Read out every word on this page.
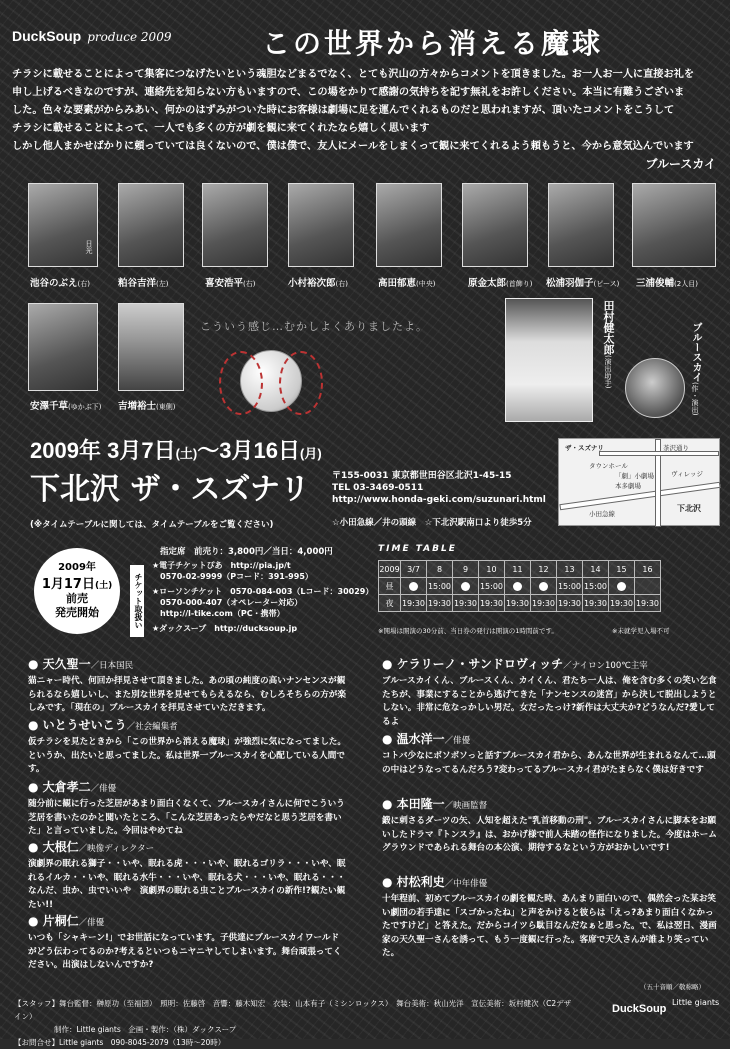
DuckSoup produce 2009	この世界から消える魔球
チラシに載せることによって集客につなげたいという魂胆などまるでなく、とても沢山の方々からコメントを頂きました。お一人お一人に直接お礼を
申し上げるべきなのですが、連絡先を知らない方もいますので、この場をかりて感謝の気持ちを記す無礼をお許しください。本当に有難うございま
した。色々な要素がからみあい、何かのはずみがついた時にお客様は劇場に足を運んでくれるものだと思われますが、頂いたコメントをこうして
チラシに載せることによって、一人でも多くの方が劇を観に来てくれたなら嬉しく思います
しかし他人まかせばかりに頼っていては良くないので、僕は僕で、友人にメールをしまくって観に来てくれるよう頼もうと、今から意気込んでいます
ブルースカイ
日光
池谷のぶえ(右)	粕谷吉洋(左)	喜安浩平(右)	小村裕次郎(右)	高田郁恵(中央)	原金太郎(首飾り) 松浦羽伽子(ピース) 三浦俊輔(2人目)
安澤千草(ゆかぶ下) 吉増裕士(東側)
こういう感じ…むかしよくありましたよ。	田村健太郎(演出助手)	ブルースカイ(作・演出)
2009年 3月7日(土)〜3月16日(月)
下北沢 ザ・スズナリ 〒155-0031 東京都世田谷区北沢1-45-15
TEL 03-3469-0511
http://www.honda-geki.com/suzunari.html
☆小田急線／井の頭線　☆下北沢駅南口より徒歩5分
(※タイムテーブルに関しては、タイムテーブルをご覧ください)
ザ・スズナリ	茶沢通り
タウンホール
「劇」小劇場
本多劇場
小田急線
下北沢
ヴィレッジ
2009年
1月17日(土)
前売
発売開始
指定席　前売り：3,800円／当日：4,000円
チケット取扱い
★電子チケットぴあ　http://pia.jp/t
　0570-02-9999（Pコード：391-995）
★ローソンチケット　0570-084-003（Lコード：30029）
　0570-000-407（オペレーター対応）
　http://l-tike.com（PC・携帯）
★ダックスープ　http://ducksoup.jp
TIME TABLE
2009	3/7	8	9	10	11	12	13	14	15	16
昼		15:00		15:00			15:00	15:00		
夜	19:30	19:30	19:30	19:30	19:30	19:30	19:30	19:30	19:30	19:30
※開場は開演の30分前、当日券の発行は開演の1時間前です。	※未就学児入場不可
● 天久聖一／日本国民
猫ニャー時代、何回か拝見させて頂きました。あの頃の純度の高いナンセンスが観られるなら嬉しいし、また別な世界を見せてもらえるなら、むしろそちらの方が楽しみです。「現在の」ブルースカイを拝見させていただきます。
● いとうせいこう／社会編集者
仮チラシを見たときから「この世界から消える魔球」が強烈に気になってました。というか、出たいと思ってました。私は世界一ブルースカイを心配している人間です。
● 大倉孝二／俳優
随分前に観に行った芝居があまり面白くなくて、ブルースカイさんに何でこういう芝居を書いたのかと聞いたところ、「こんな芝居あったらやだなと思う芝居を書いた」と言っていました。今回はやめてね
● 大根仁／映像ディレクター
演劇界の眠れる獅子・・いや、眠れる虎・・・いや、眠れるゴリラ・・・いや、眠れるイルカ・・いや、眠れる水牛・・・いや、眠れる犬・・・いや、眠れる・・・なんだ、虫か、虫でいいや　演劇界の眠れる虫ことブルースカイの新作!?観たい観たい!!
● 片桐仁／俳優
いつも「シャキーン!」でお世話になっています。子供達にブルースカイワールドがどう伝わってるのか?考えるといつもニヤニヤしてしまいます。舞台頑張ってください。出演はしないんですか?
● ケラリーノ・サンドロヴィッチ／ナイロン100℃主宰
ブルースカイくん、ブルースくん、カイくん、君たち一人は、俺を含む多くの笑い乞食たちが、事業にすることから逃げてきた「ナンセンスの迷宮」から決して脱出しようとしない。非常に危なっかしい男だ。女だったっけ?新作は大丈夫か?どうなんだ?愛してるよ
● 温水洋一／俳優
コトバ少なにボソボソっと話すブルースカイ君から、あんな世界が生まれるなんて…頭の中はどうなってるんだろう?変わってるブルースカイ君がたまらなく僕は好きです
● 本田隆一／映画監督
鍛に刺さるダーツの矢、人知を超えた"乳首移動の刑"。ブルースカイさんに脚本をお願いしたドラマ『トンスラ』は、おかげ様で前人未踏の怪作になりました。今度はホームグラウンドであられる舞台の本公演、期待するなという方がおかしいです!
● 村松利史／中年俳優
十年程前、初めてブルースカイの劇を観た時、あんまり面白いので、偶然会った某お笑い劇団の若手達に「スゴかったね」と声をかけると彼らは「えっ?あまり面白くなかったですけど」と答えた。だからコイツら駄目なんだなぁと思った。で、私は翌日、漫画家の天久聖一さんを誘って、もう一度観に行った。客席で天久さんが誰より笑っていた。
（五十音順／敬称略）
【スタッフ】舞台監督：榊原功（至福団）　照明：佐藤啓　音響：藤木知宏　衣装：山本有子（ミシンロックス）　舞台美術：秋山光洋　宣伝美術：坂村健次（C2デザイン）
制作：Little giants　企画・製作：（株）ダックスープ
【お問合せ】Little giants　090-8045-2079（13時〜20時）
DuckSoup
Little giants
